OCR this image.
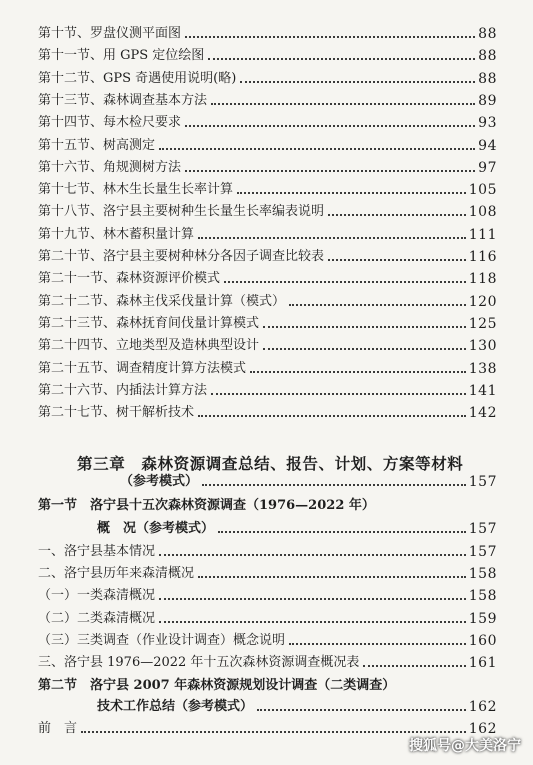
第十节、罗盘仪测平面图	88
第十一节、用 GPS 定位绘图	88
第十二节、GPS 奇遇使用说明(略)	88
第十三节、森林调查基本方法	89
第十四节、每木检尺要求	93
第十五节、树高测定	94
第十六节、角规测树方法	97
第十七节、林木生长量生长率计算	105
第十八节、洛宁县主要树种生长量生长率编表说明	108
第十九节、林木蓄积量计算	111
第二十节、洛宁县主要树种林分各因子调查比较表	116
第二十一节、森林资源评价模式	118
第二十二节、森林主伐采伐量计算（模式）	120
第二十三节、森林抚育间伐量计算模式	125
第二十四节、立地类型及造林典型设计	130
第二十五节、调查精度计算方法模式	138
第二十六节、内插法计算方法	141
第二十七节、树干解析技术	142
第三章　森林资源调查总结、报告、计划、方案等材料
（参考模式）	157
第一节　洛宁县十五次森林资源调查（1976—2022 年）
概　况（参考模式）	157
一、洛宁县基本情况	157
二、洛宁县历年来森清概况	158
（一）一类森清概况	158
（二）二类森清概况	159
（三）三类调查（作业设计调查）概念说明	160
三、洛宁县 1976—2022 年十五次森林资源调查概况表	161
第二节　洛宁县 2007 年森林资源规划设计调查（二类调查）
技术工作总结（参考模式）	162
前　言	162
搜狐号@大美洛宁
